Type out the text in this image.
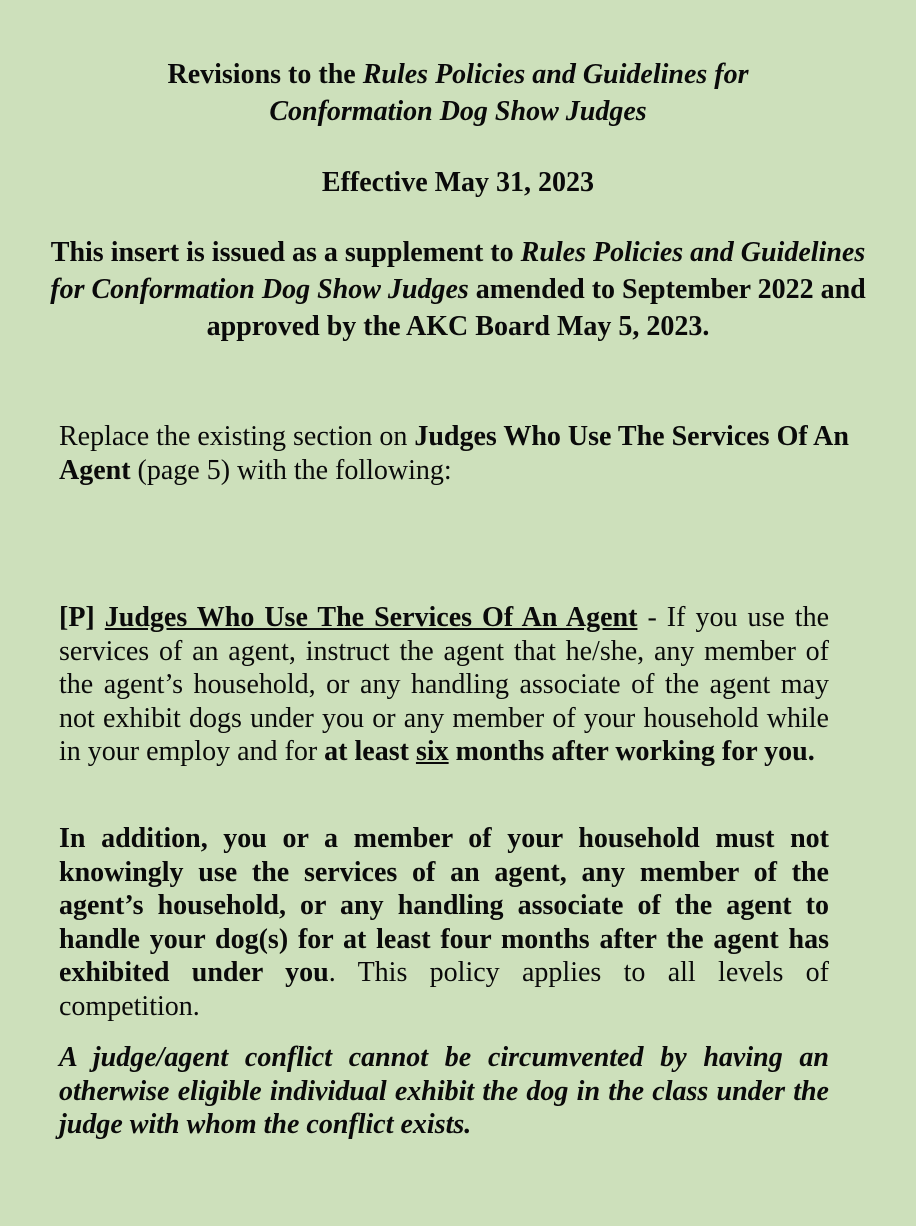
Revisions to the Rules Policies and Guidelines for
Conformation Dog Show Judges
Effective May 31, 2023
This insert is issued as a supplement to Rules Policies and Guidelines for Conformation Dog Show Judges amended to September 2022 and approved by the AKC Board May 5, 2023.
Replace the existing section on Judges Who Use The Services Of An Agent (page 5) with the following:
[P] Judges Who Use The Services Of An Agent - If you use the services of an agent, instruct the agent that he/she, any member of the agent’s household, or any handling associate of the agent may not exhibit dogs under you or any member of your household while in your employ and for at least six months after working for you.
In addition, you or a member of your household must not knowingly use the services of an agent, any member of the agent’s household, or any handling associate of the agent to handle your dog(s) for at least four months after the agent has exhibited under you. This policy applies to all levels of competition.
A judge/agent conflict cannot be circumvented by having an otherwise eligible individual exhibit the dog in the class under the judge with whom the conflict exists.
